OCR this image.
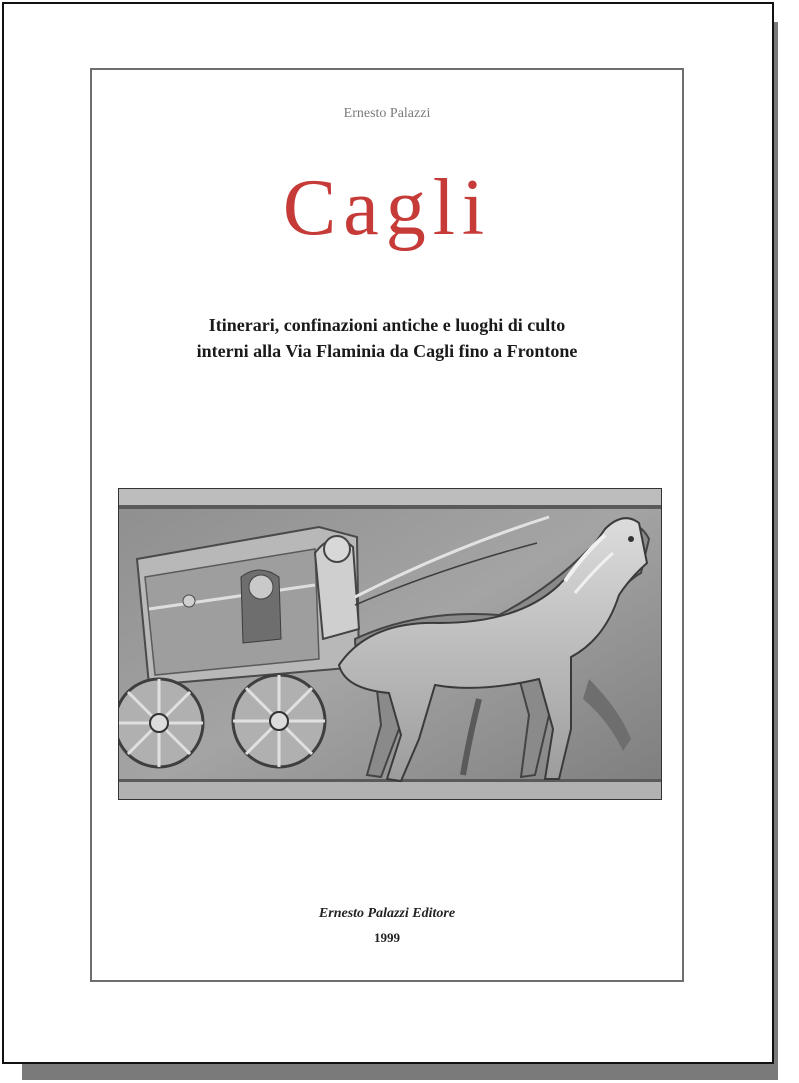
Ernesto Palazzi
Cagli
Itinerari, confinazioni antiche e luoghi di culto
interni alla Via Flaminia da Cagli fino a Frontone
Ernesto Palazzi Editore
1999
